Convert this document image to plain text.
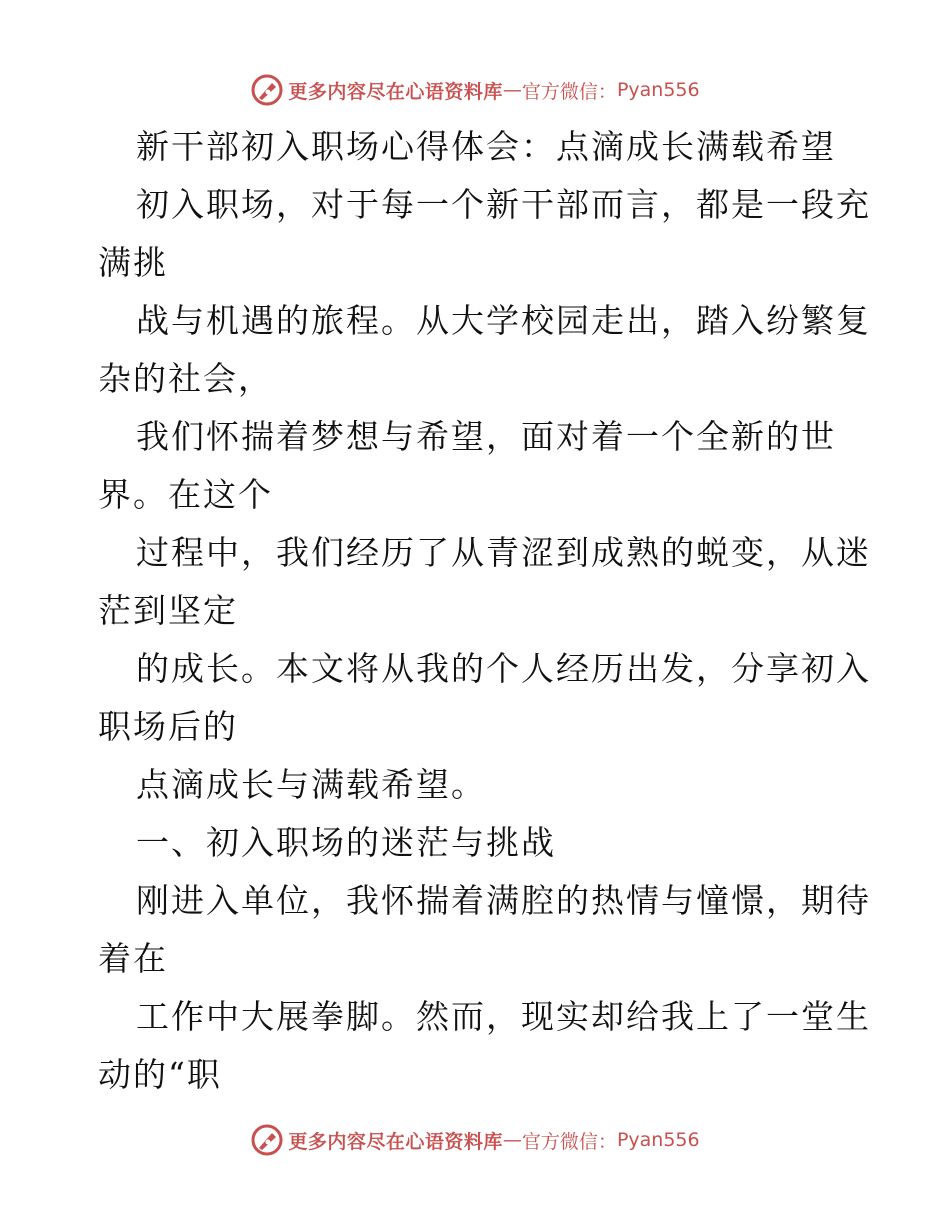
更多内容尽在心语资料库 — 官方微信： Pyan556
新干部初入职场心得体会：点滴成长满载希望
初入职场，对于每一个新干部而言，都是一段充
满挑
战与机遇的旅程。从大学校园走出，踏入纷繁复
杂的社会，
我们怀揣着梦想与希望，面对着一个全新的世
界。在这个
过程中，我们经历了从青涩到成熟的蜕变，从迷
茫到坚定
的成长。本文将从我的个人经历出发，分享初入
职场后的
点滴成长与满载希望。
一、初入职场的迷茫与挑战
刚进入单位，我怀揣着满腔的热情与憧憬，期待
着在
工作中大展拳脚。然而，现实却给我上了一堂生
动的“职
更多内容尽在心语资料库 — 官方微信： Pyan556
